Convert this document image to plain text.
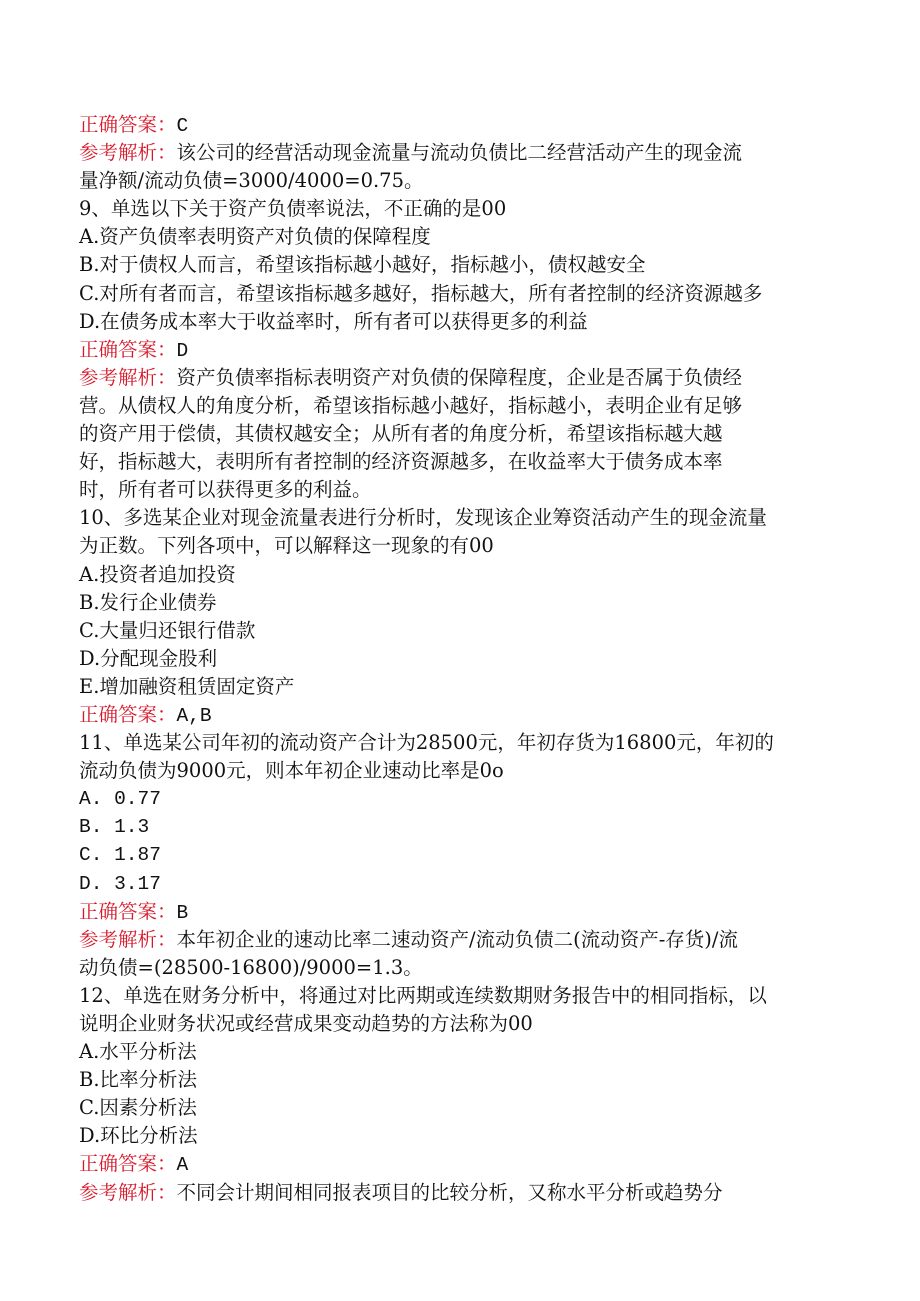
正确答案：C
参考解析：该公司的经营活动现金流量与流动负债比二经营活动产生的现金流
量净额/流动负债=3000/4000=0.75。
9、单选以下关于资产负债率说法，不正确的是00
A.资产负债率表明资产对负债的保障程度
B.对于债权人而言，希望该指标越小越好，指标越小，债权越安全
C.对所有者而言，希望该指标越多越好，指标越大，所有者控制的经济资源越多
D.在债务成本率大于收益率时，所有者可以获得更多的利益
正确答案：D
参考解析：资产负债率指标表明资产对负债的保障程度，企业是否属于负债经
营。从债权人的角度分析，希望该指标越小越好，指标越小，表明企业有足够
的资产用于偿债，其债权越安全；从所有者的角度分析，希望该指标越大越
好，指标越大，表明所有者控制的经济资源越多，在收益率大于债务成本率
时，所有者可以获得更多的利益。
10、多选某企业对现金流量表进行分析时，发现该企业筹资活动产生的现金流量
为正数。下列各项中，可以解释这一现象的有00
A.投资者追加投资
B.发行企业债券
C.大量归还银行借款
D.分配现金股利
E.增加融资租赁固定资产
正确答案：A,B
11、单选某公司年初的流动资产合计为28500元，年初存货为16800元，年初的
流动负债为9000元，则本年初企业速动比率是0o
A. 0.77
B. 1.3
C. 1.87
D. 3.17
正确答案：B
参考解析：本年初企业的速动比率二速动资产/流动负债二(流动资产-存货)/流
动负债=(28500-16800)/9000=1.3。
12、单选在财务分析中，将通过对比两期或连续数期财务报告中的相同指标，以
说明企业财务状况或经营成果变动趋势的方法称为00
A.水平分析法
B.比率分析法
C.因素分析法
D.环比分析法
正确答案：A
参考解析：不同会计期间相同报表项目的比较分析，又称水平分析或趋势分
